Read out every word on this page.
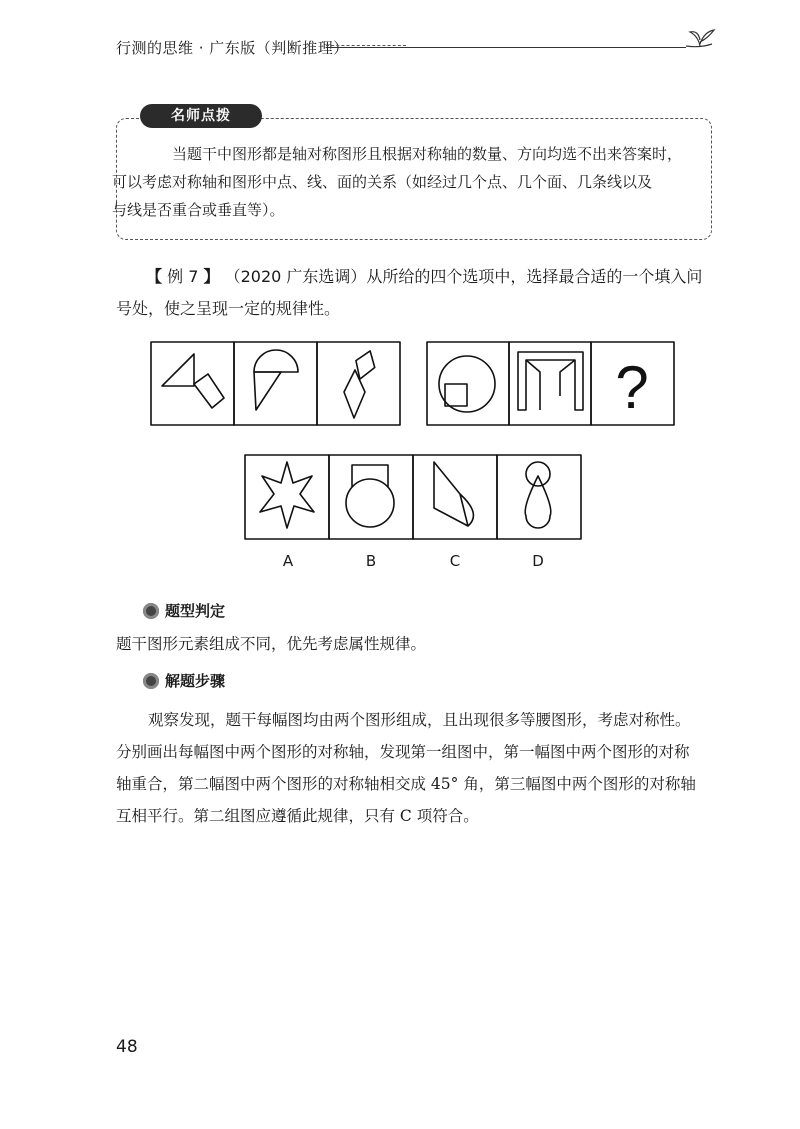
行测的思维 · 广东版（判断推理）
名师点拨
当题干中图形都是轴对称图形且根据对称轴的数量、方向均选不出来答案时，
可以考虑对称轴和图形中点、线、面的关系（如经过几个点、几个面、几条线以及
与线是否重合或垂直等）。
【 例 7 】 （2020 广东选调）从所给的四个选项中，选择最合适的一个填入问
号处，使之呈现一定的规律性。
?
A	B	C	D
题型判定
题干图形元素组成不同，优先考虑属性规律。
解题步骤
观察发现，题干每幅图均由两个图形组成，且出现很多等腰图形，考虑对称性。
分别画出每幅图中两个图形的对称轴，发现第一组图中，第一幅图中两个图形的对称
轴重合，第二幅图中两个图形的对称轴相交成 45° 角，第三幅图中两个图形的对称轴
互相平行。第二组图应遵循此规律，只有 C 项符合。
48
